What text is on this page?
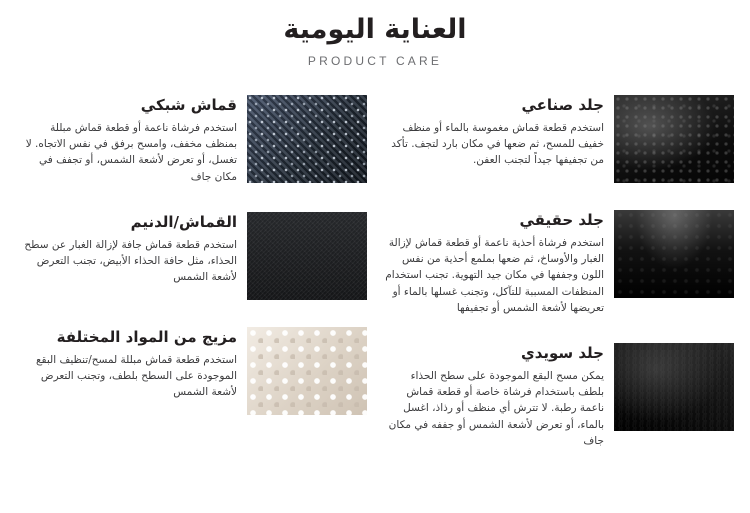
العناية اليومية
PRODUCT CARE
جلد صناعي
استخدم قطعة قماش مغموسة بالماء أو منظف خفيف للمسح، ثم ضعها في مكان بارد لتجف. تأكد من تجفيفها جيداً لتجنب العفن.
جلد حقيقي
استخدم فرشاة أحذية ناعمة أو قطعة قماش لإزالة الغبار والأوساخ، ثم ضعها بملمع أحذية من نفس اللون وجففها في مكان جيد التهوية. تجنب استخدام المنظفات المسببة للتآكل، وتجنب غسلها بالماء أو تعريضها لأشعة الشمس أو تجفيفها
جلد سويدي
يمكن مسح البقع الموجودة على سطح الحذاء بلطف باستخدام فرشاة خاصة أو قطعة قماش ناعمة رطبة. لا تترش أي منظف أو رذاذ، اغسل بالماء، أو تعرض لأشعة الشمس أو جففه في مكان جاف
قماش شبكي
استخدم فرشاة ناعمة أو قطعة قماش مبللة بمنظف مخفف، وامسح برفق في نفس الاتجاه. لا تغسل، أو تعرض لأشعة الشمس، أو تجفف في مكان جاف
القماش/الدنيم
استخدم قطعة قماش جافة لإزالة الغبار عن سطح الحذاء، مثل حافة الحذاء الأبيض، تجنب التعرض لأشعة الشمس
مزيج من المواد المختلفة
استخدم قطعة قماش مبللة لمسح/تنظيف البقع الموجودة على السطح بلطف، وتجنب التعرض لأشعة الشمس
